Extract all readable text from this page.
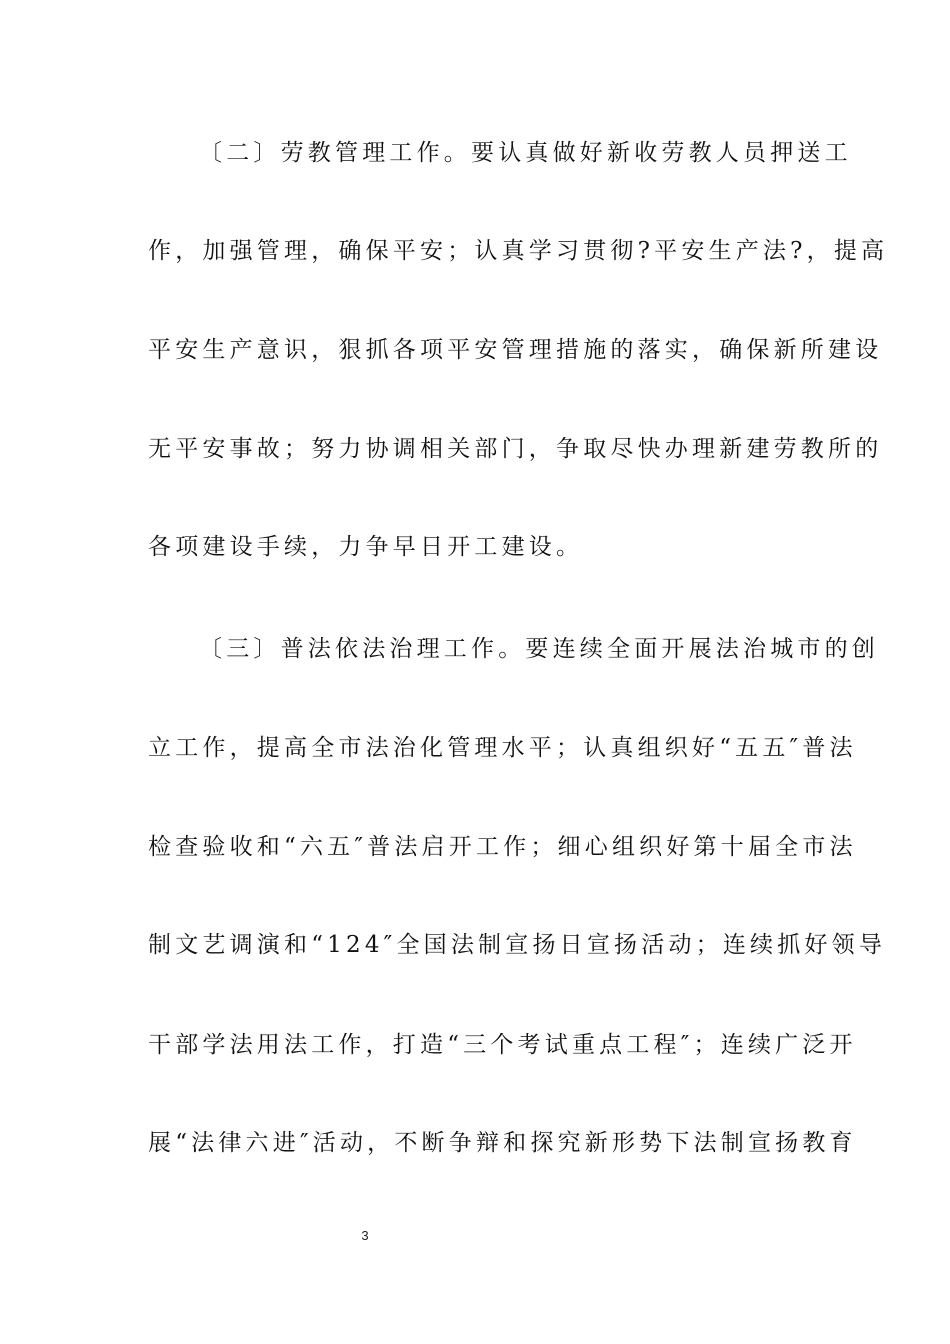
〔二〕劳教管理工作。要认真做好新收劳教人员押送工
作，加强管理，确保平安；认真学习贯彻?平安生产法?，提高
平安生产意识，狠抓各项平安管理措施的落实，确保新所建设
无平安事故；努力协调相关部门，争取尽快办理新建劳教所的
各项建设手续，力争早日开工建设。
〔三〕普法依法治理工作。要连续全面开展法治城市的创
立工作，提高全市法治化管理水平；认真组织好“五五″普法
检查验收和“六五″普法启开工作；细心组织好第十届全市法
制文艺调演和“124″全国法制宣扬日宣扬活动；连续抓好领导
干部学法用法工作，打造“三个考试重点工程″；连续广泛开
展“法律六进″活动，不断争辩和探究新形势下法制宣扬教育
3
